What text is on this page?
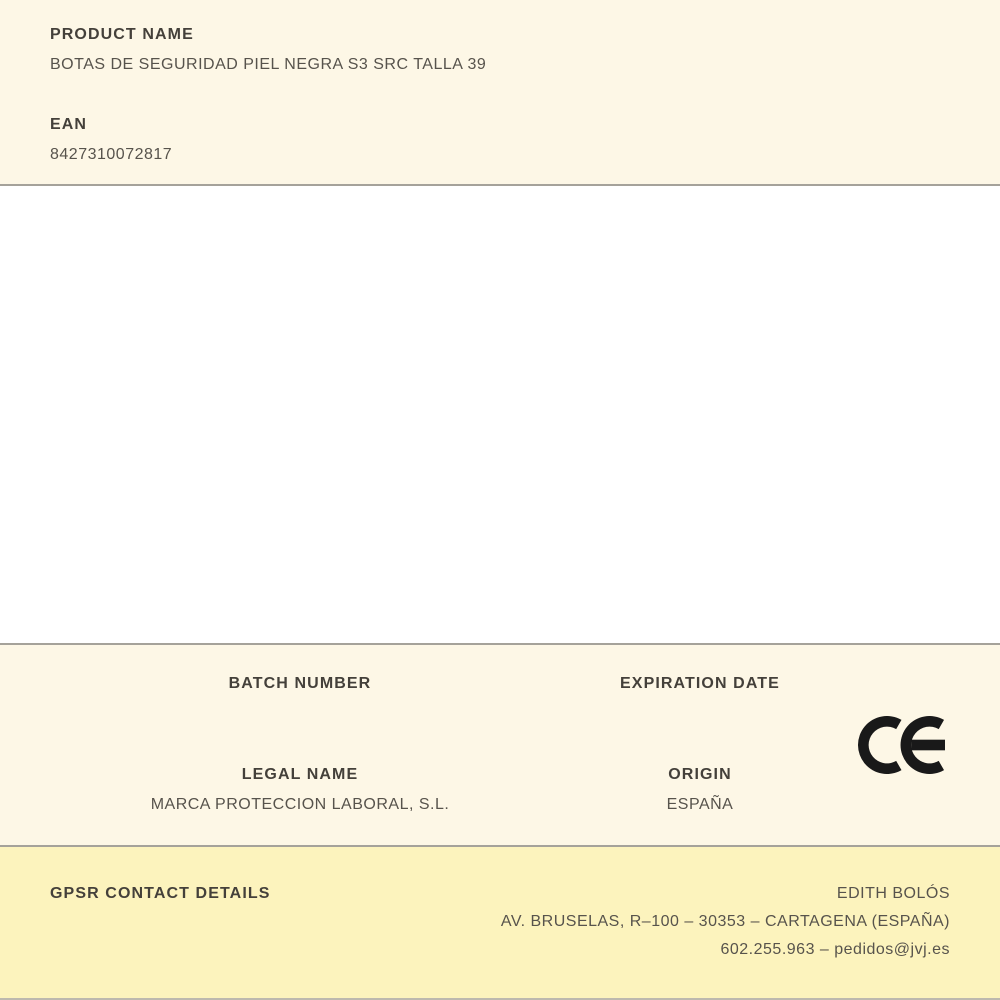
PRODUCT NAME
BOTAS DE SEGURIDAD PIEL NEGRA S3 SRC TALLA 39
EAN
8427310072817
BATCH NUMBER	EXPIRATION DATE
LEGAL NAME
MARCA PROTECCION LABORAL, S.L.
ORIGIN
ESPAÑA
GPSR CONTACT DETAILS	EDITH BOLÓS
AV. BRUSELAS, R–100 – 30353 – CARTAGENA (ESPAÑA)
602.255.963 – pedidos@jvj.es
